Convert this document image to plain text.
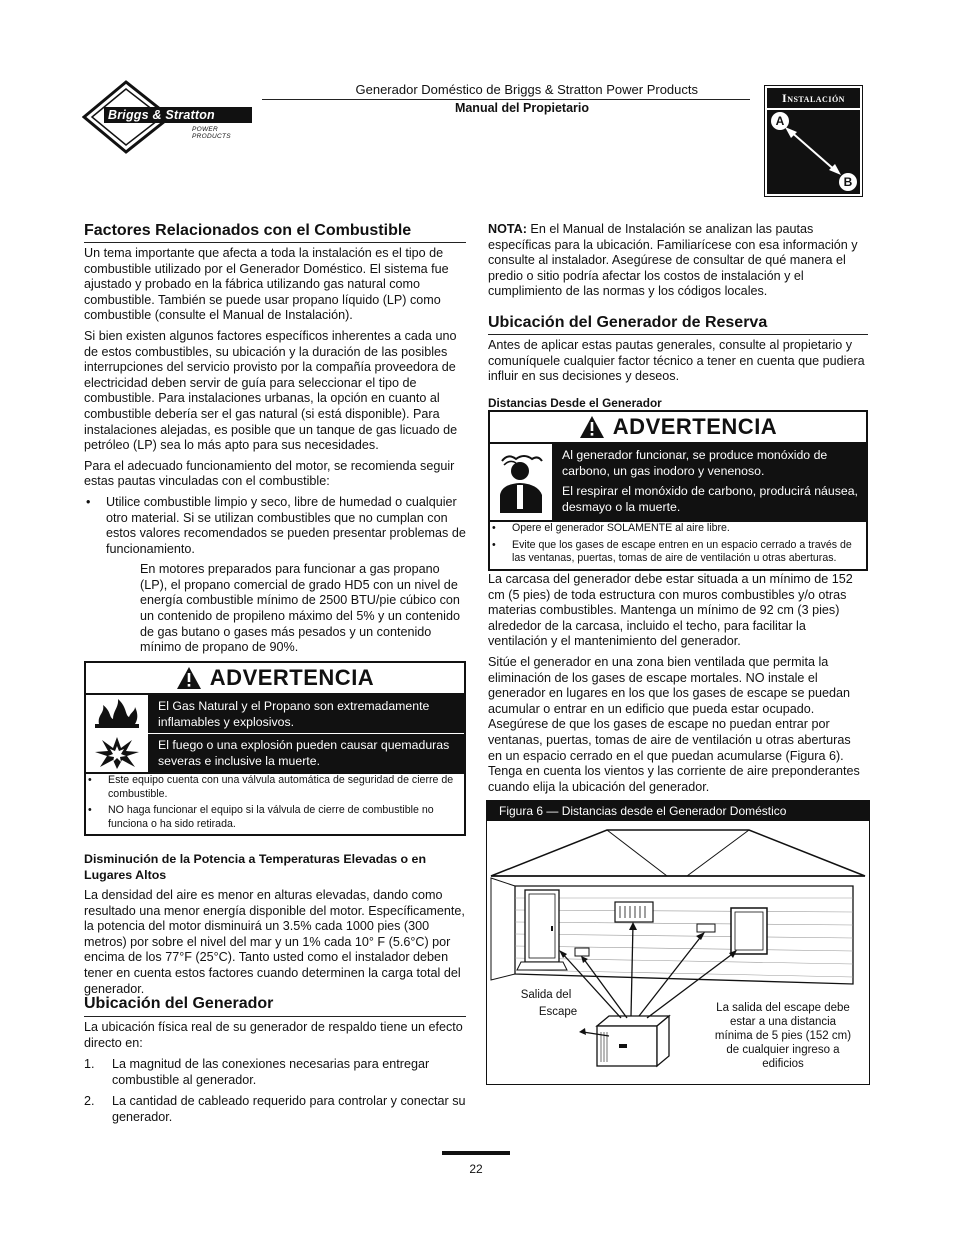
Briggs & Stratton
POWER PRODUCTS
Generador Doméstico de Briggs & Stratton Power Products
Manual del Propietario
Instalación
A
B
Factores Relacionados con el Combustible

Un tema importante que afecta a toda la instalación es el tipo de combustible utilizado por el Generador Doméstico. El sistema fue ajustado y probado en la fábrica utilizando gas natural como combustible. También se puede usar propano líquido (LP) como combustible (consulte el Manual de Instalación).

Si bien existen algunos factores específicos inherentes a cada uno de estos combustibles, su ubicación y la duración de las posibles interrupciones del servicio provisto por la compañía proveedora de electricidad deben servir de guía para seleccionar el tipo de combustible. Para instalaciones urbanas, la opción en cuanto al combustible debería ser el gas natural (si está disponible). Para instalaciones alejadas, es posible que un tanque de gas licuado de petróleo (LP) sea lo más apto para sus necesidades.

Para el adecuado funcionamiento del motor, se recomienda seguir estas pautas vinculadas con el combustible:

• Utilice combustible limpio y seco, libre de humedad o cualquier otro material. Si se utilizan combustibles que no cumplan con estos valores recomendados se pueden presentar problemas de funcionamiento.

En motores preparados para funcionar a gas propano (LP), el propano comercial de grado HD5 con un nivel de energía combustible mínimo de 2500 BTU/pie cúbico con un contenido de propileno máximo del 5% y un contenido de gas butano o gases más pesados y un contenido mínimo de propano de 90%.

ADVERTENCIA
El Gas Natural y el Propano son extremadamente inflamables y explosivos.
El fuego o una explosión pueden causar quemaduras severas e inclusive la muerte.
• Este equipo cuenta con una válvula automática de seguridad de cierre de combustible.
• NO haga funcionar el equipo si la válvula de cierre de combustible no funciona o ha sido retirada.

Disminución de la Potencia a Temperaturas Elevadas o en Lugares Altos

La densidad del aire es menor en alturas elevadas, dando como resultado una menor energía disponible del motor. Específicamente, la potencia del motor disminuirá un 3.5% cada 1000 pies (300 metros) por sobre el nivel del mar y un 1% cada 10° F (5.6°C) por encima de los 77°F (25°C). Tanto usted como el instalador deben tener en cuenta estos factores cuando determinen la carga total del generador.

Ubicación del Generador

La ubicación física real de su generador de respaldo tiene un efecto directo en:

1. La magnitud de las conexiones necesarias para entregar combustible al generador.
2. La cantidad de cableado requerido para controlar y conectar su generador.

NOTA: En el Manual de Instalación se analizan las pautas específicas para la ubicación. Familiarícese con esa información y consulte al instalador. Asegúrese de consultar de qué manera el predio o sitio podría afectar los costos de instalación y el cumplimiento de las normas y los códigos locales.

Ubicación del Generador de Reserva

Antes de aplicar estas pautas generales, consulte al propietario y comuníquele cualquier factor técnico a tener en cuenta que pudiera influir en sus decisiones y deseos.

Distancias Desde el Generador

ADVERTENCIA
Al generador funcionar, se produce monóxido de carbono, un gas inodoro y venenoso.
El respirar el monóxido de carbono, producirá náusea, desmayo o la muerte.
• Opere el generador SOLAMENTE al aire libre.
• Evite que los gases de escape entren en un espacio cerrado a través de las ventanas, puertas, tomas de aire de ventilación u otras aberturas.

La carcasa del generador debe estar situada a un mínimo de 152 cm (5 pies) de toda estructura con muros combustibles y/o otras materias combustibles. Mantenga un mínimo de 92 cm (3 pies) alrededor de la carcasa, incluido el techo, para facilitar la ventilación y el mantenimiento del generador.

Sitúe el generador en una zona bien ventilada que permita la eliminación de los gases de escape mortales. NO instale el generador en lugares en los que los gases de escape se puedan acumular o entrar en un edificio que pueda estar ocupado. Asegúrese de que los gases de escape no puedan entrar por ventanas, puertas, tomas de aire de ventilación u otras aberturas en un espacio cerrado en el que puedan acumularse (Figura 6). Tenga en cuenta los vientos y las corriente de aire preponderantes cuando elija la ubicación del generador.

Figura 6 — Distancias desde el Generador Doméstico
Salida del
Escape	La salida del escape debe
estar a una distancia
mínima de 5 pies (152 cm)
de cualquier ingreso a
edificios
22
